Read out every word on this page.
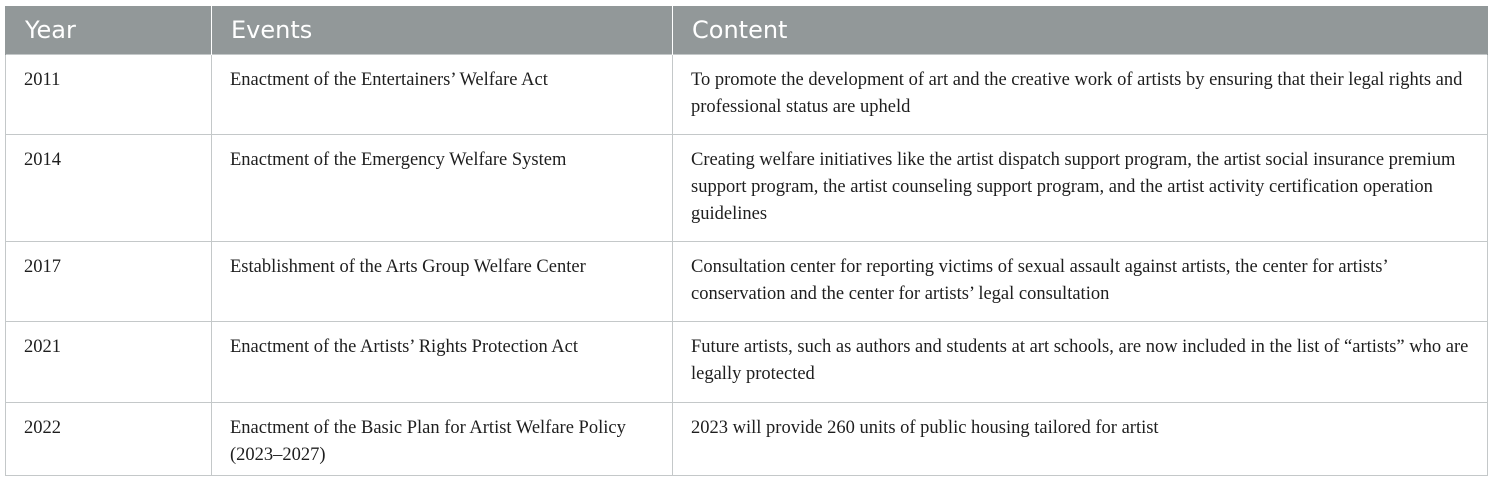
Year	Events	Content
2011	Enactment of the Entertainers’ Welfare Act	To promote the development of art and the creative work of artists by ensuring that their legal rights and professional status are upheld
2014	Enactment of the Emergency Welfare System	Creating welfare initiatives like the artist dispatch support program, the artist social insurance premium support program, the artist counseling support program, and the artist activity certification operation guidelines
2017	Establishment of the Arts Group Welfare Center	Consultation center for reporting victims of sexual assault against artists, the center for artists’ conservation and the center for artists’ legal consultation
2021	Enactment of the Artists’ Rights Protection Act	Future artists, such as authors and students at art schools, are now included in the list of “artists” who are legally protected
2022	Enactment of the Basic Plan for Artist Welfare Policy (2023–2027)	2023 will provide 260 units of public housing tailored for artist
